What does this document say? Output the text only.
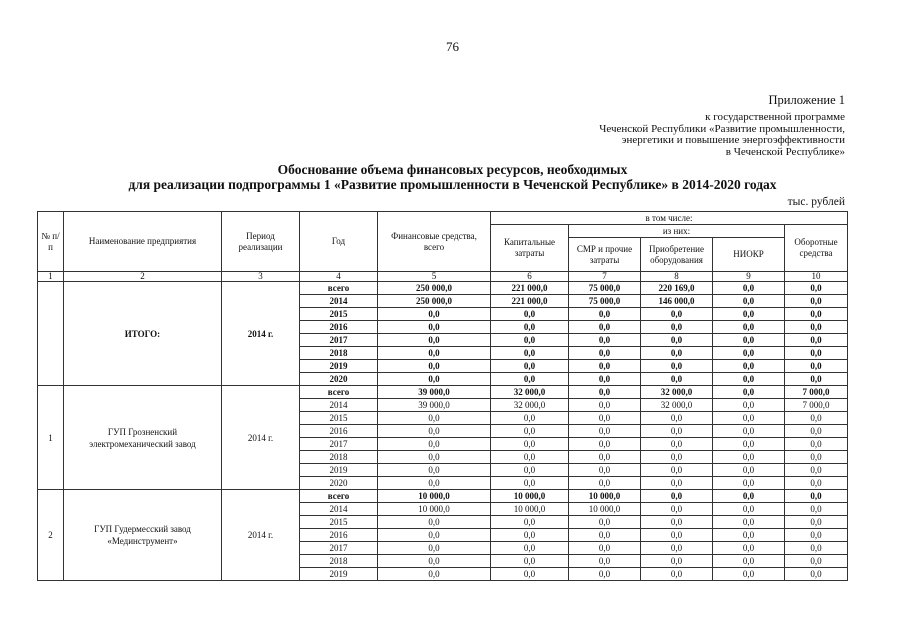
76
Приложение 1
к государственной программе
Чеченской Республики «Развитие промышленности,
энергетики и повышение энергоэффективности
в Чеченской Республике»
Обоснование объема финансовых ресурсов, необходимых
для реализации подпрограммы 1 «Развитие промышленности в Чеченской Республике» в 2014-2020 годах
тыс. рублей
№ п/п	Наименование предприятия	Период реализации	Год	Финансовые средства, всего	в том числе:				
					Капитальные затраты	из них:			Оборотные средства
						СМР и прочие затраты	Приобретение оборудования	НИОКР	
1	2	3	4	5	6	7	8	9	10
	ИТОГО:	2014 г.	всего	250 000,0	221 000,0	75 000,0	220 169,0	0,0	0,0
			2014	250 000,0	221 000,0	75 000,0	146 000,0	0,0	0,0
			2015	0,0	0,0	0,0	0,0	0,0	0,0
			2016	0,0	0,0	0,0	0,0	0,0	0,0
			2017	0,0	0,0	0,0	0,0	0,0	0,0
			2018	0,0	0,0	0,0	0,0	0,0	0,0
			2019	0,0	0,0	0,0	0,0	0,0	0,0
			2020	0,0	0,0	0,0	0,0	0,0	0,0
1	ГУП Грозненский электромеханический завод	2014 г.	всего	39 000,0	32 000,0	0,0	32 000,0	0,0	7 000,0
			2014	39 000,0	32 000,0	0,0	32 000,0	0,0	7 000,0
			2015	0,0	0,0	0,0	0,0	0,0	0,0
			2016	0,0	0,0	0,0	0,0	0,0	0,0
			2017	0,0	0,0	0,0	0,0	0,0	0,0
			2018	0,0	0,0	0,0	0,0	0,0	0,0
			2019	0,0	0,0	0,0	0,0	0,0	0,0
			2020	0,0	0,0	0,0	0,0	0,0	0,0
2	ГУП Гудермесский завод «Мединструмент»	2014 г.	всего	10 000,0	10 000,0	10 000,0	0,0	0,0	0,0
			2014	10 000,0	10 000,0	10 000,0	0,0	0,0	0,0
			2015	0,0	0,0	0,0	0,0	0,0	0,0
			2016	0,0	0,0	0,0	0,0	0,0	0,0
			2017	0,0	0,0	0,0	0,0	0,0	0,0
			2018	0,0	0,0	0,0	0,0	0,0	0,0
			2019	0,0	0,0	0,0	0,0	0,0	0,0
